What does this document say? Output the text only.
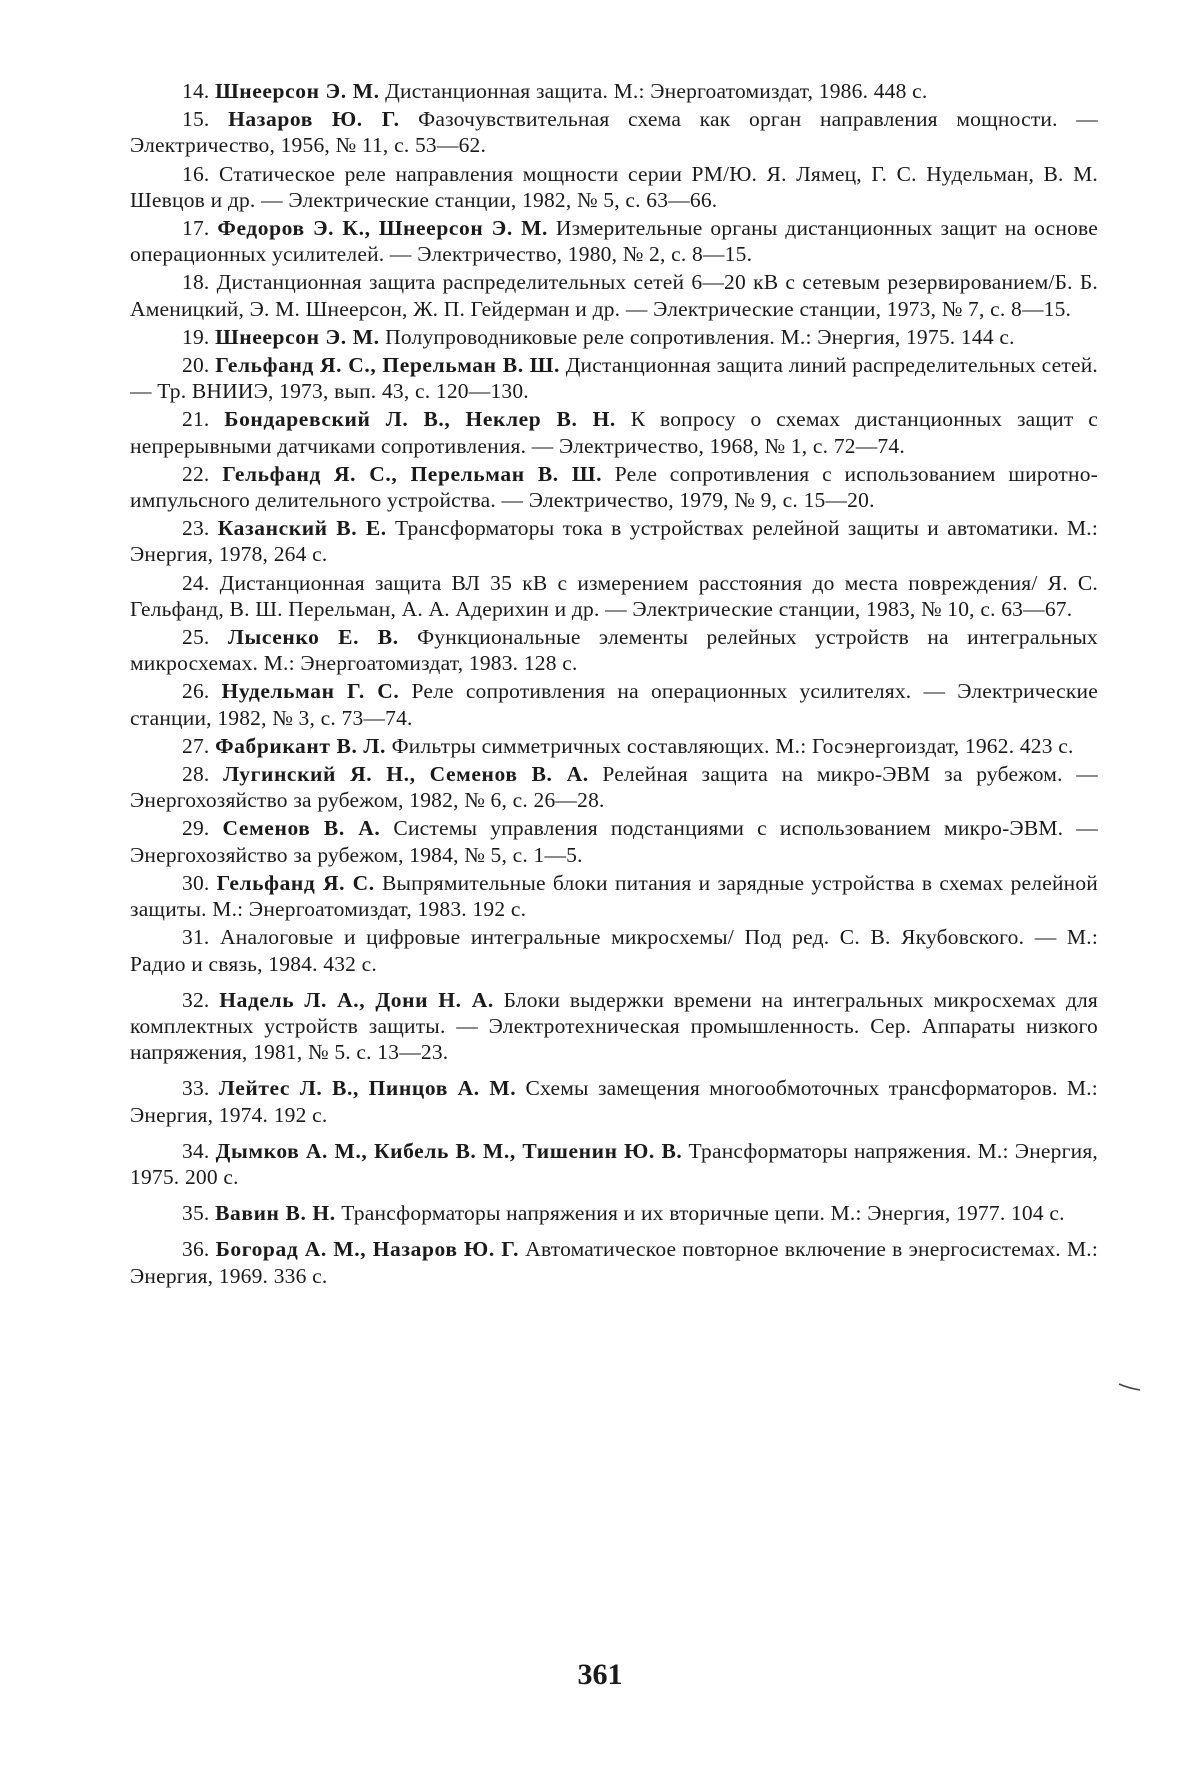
14. Шнеерсон Э. М. Дистанционная защита. М.: Энергоатомиздат, 1986. 448 с.
15. Назаров Ю. Г. Фазочувствительная схема как орган направления мощности. — Электричество, 1956, № 11, с. 53—62.
16. Статическое реле направления мощности серии РМ/Ю. Я. Лямец, Г. С. Нудельман, В. М. Шевцов и др. — Электрические станции, 1982, № 5, с. 63—66.
17. Федоров Э. К., Шнеерсон Э. М. Измерительные органы дистанционных защит на основе операционных усилителей. — Электричество, 1980, № 2, с. 8—15.
18. Дистанционная защита распределительных сетей 6—20 кВ с сетевым резервированием/Б. Б. Аменицкий, Э. М. Шнеерсон, Ж. П. Гейдерман и др. — Электрические станции, 1973, № 7, с. 8—15.
19. Шнеерсон Э. М. Полупроводниковые реле сопротивления. М.: Энергия, 1975. 144 с.
20. Гельфанд Я. С., Перельман В. Ш. Дистанционная защита линий распределительных сетей. — Тр. ВНИИЭ, 1973, вып. 43, с. 120—130.
21. Бондаревский Л. В., Неклер В. Н. К вопросу о схемах дистанционных защит с непрерывными датчиками сопротивления. — Электричество, 1968, № 1, с. 72—74.
22. Гельфанд Я. С., Перельман В. Ш. Реле сопротивления с использованием широтно-импульсного делительного устройства. — Электричество, 1979, № 9, с. 15—20.
23. Казанский В. Е. Трансформаторы тока в устройствах релейной защиты и автоматики. М.: Энергия, 1978, 264 с.
24. Дистанционная защита ВЛ 35 кВ с измерением расстояния до места повреждения/ Я. С. Гельфанд, В. Ш. Перельман, А. А. Адерихин и др. — Электрические станции, 1983, № 10, с. 63—67.
25. Лысенко Е. В. Функциональные элементы релейных устройств на интегральных микросхемах. М.: Энергоатомиздат, 1983. 128 с.
26. Нудельман Г. С. Реле сопротивления на операционных усилителях. — Электрические станции, 1982, № 3, с. 73—74.
27. Фабрикант В. Л. Фильтры симметричных составляющих. М.: Госэнергоиздат, 1962. 423 с.
28. Лугинский Я. Н., Семенов В. А. Релейная защита на микро-ЭВМ за рубежом. — Энергохозяйство за рубежом, 1982, № 6, с. 26—28.
29. Семенов В. А. Системы управления подстанциями с использованием микро-ЭВМ. — Энергохозяйство за рубежом, 1984, № 5, с. 1—5.
30. Гельфанд Я. С. Выпрямительные блоки питания и зарядные устройства в схемах релейной защиты. М.: Энергоатомиздат, 1983. 192 с.
31. Аналоговые и цифровые интегральные микросхемы/ Под ред. С. В. Якубовского. — М.: Радио и связь, 1984. 432 с.
32. Надель Л. А., Дони Н. А. Блоки выдержки времени на интегральных микросхемах для комплектных устройств защиты. — Электротехническая промышленность. Сер. Аппараты низкого напряжения, 1981, № 5. с. 13—23.
33. Лейтес Л. В., Пинцов А. М. Схемы замещения многообмоточных трансформаторов. М.: Энергия, 1974. 192 с.
34. Дымков А. М., Кибель В. М., Тишенин Ю. В. Трансформаторы напряжения. М.: Энергия, 1975. 200 с.
35. Вавин В. Н. Трансформаторы напряжения и их вторичные цепи. М.: Энергия, 1977. 104 с.
36. Богорад А. М., Назаров Ю. Г. Автоматическое повторное включение в энергосистемах. М.: Энергия, 1969. 336 с.
361
